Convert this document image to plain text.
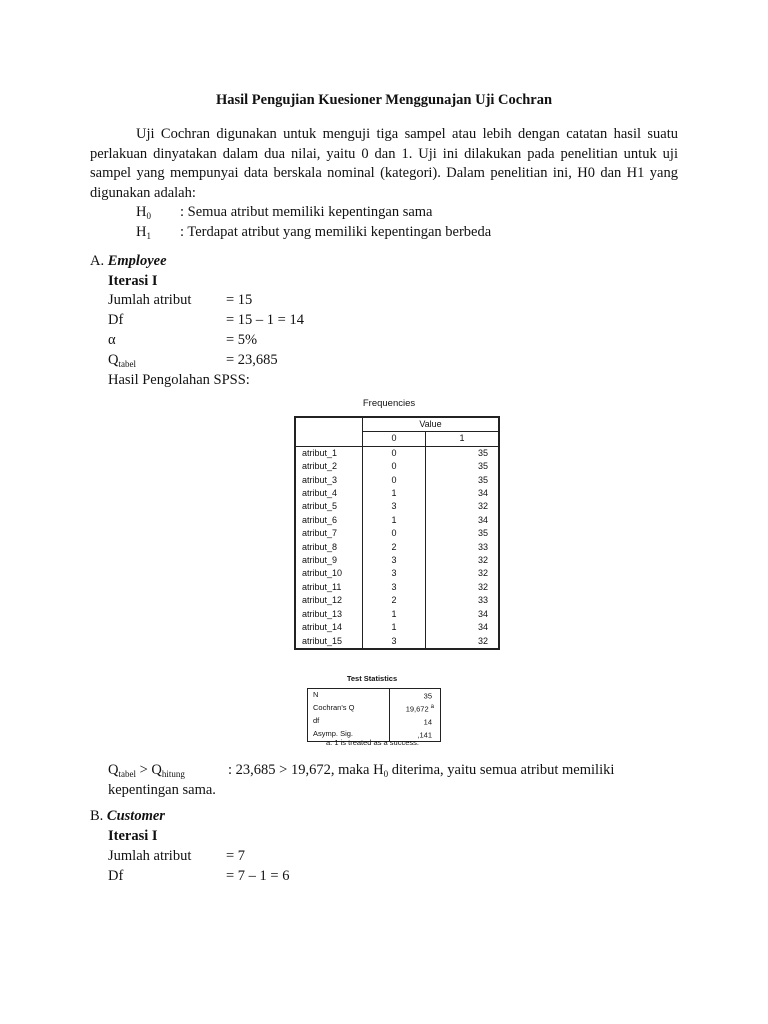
Hasil Pengujian Kuesioner Menggunajan Uji Cochran
Uji Cochran digunakan untuk menguji tiga sampel atau lebih dengan catatan hasil suatu perlakuan dinyatakan dalam dua nilai, yaitu 0 dan 1. Uji ini dilakukan pada penelitian untuk uji sampel yang mempunyai data berskala nominal (kategori). Dalam penelitian ini, H0 dan H1 yang digunakan adalah:
$H_0$ : Semua atribut memiliki kepentingan sama
$H_1$ : Terdapat atribut yang memiliki kepentingan berbeda
A. Employee
Iterasi I
Jumlah atribut = 15
Df	= 15 – 1 = 14
α	= 5%
$Q_{tabel}$	= 23,685
Hasil Pengolahan SPSS:
Frequencies
	Value	
	0	1
atribut_1	0	35
atribut_2	0	35
atribut_3	0	35
atribut_4	1	34
atribut_5	3	32
atribut_6	1	34
atribut_7	0	35
atribut_8	2	33
atribut_9	3	32
atribut_10	3	32
atribut_11	3	32
atribut_12	2	33
atribut_13	1	34
atribut_14	1	34
atribut_15	3	32
Test Statistics
N	35
Cochran's Q	19,672 $^a$
df	14
Asymp. Sig.	,141
a. 1 is treated as a success.
$Q_{tabel} > Q_{hitung}$	: 23,685 > 19,672, maka $H_0$ diterima, yaitu semua atribut memiliki
kepentingan sama.
B. Customer
Iterasi I
Jumlah atribut = 7
Df	= 7 – 1 = 6
